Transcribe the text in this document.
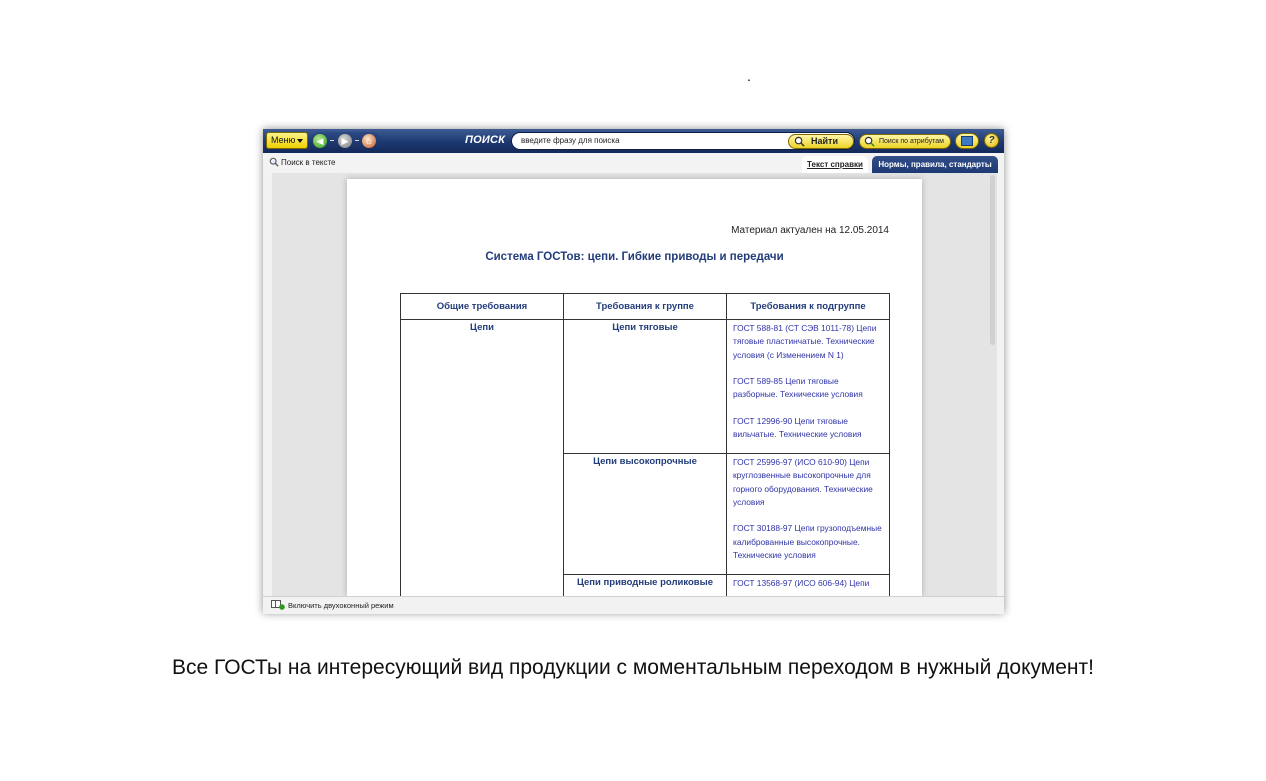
.
Меню	◀	▶	⌂	ПОИСК	введите фразу для поиска	Найти	Поиск по атрибутам	?
Поиск в тексте	Текст справки	Нормы, правила, стандарты
Материал актуален на 12.05.2014
Система ГОСТов: цепи. Гибкие приводы и передачи
Общие требования	Требования к группе	Требования к подгруппе
Цепи	Цепи тяговые	ГОСТ 588-81 (СТ СЭВ 1011-78) Цепи тяговые пластинчатые. Технические условия (с Изменением N 1)
ГОСТ 589-85 Цепи тяговые разборные. Технические условия
ГОСТ 12996-90 Цепи тяговые вильчатые. Технические условия

	Цепи высокопрочные	ГОСТ 25996-97 (ИСО 610-90) Цепи круглозвенные высокопрочные для горного оборудования. Технические условия
ГОСТ 30188-97 Цепи грузоподъемные калиброванные высокопрочные. Технические условия

	Цепи приводные роликовые	ГОСТ 13568-97 (ИСО 606-94) Цепи
Включить двухоконный режим
Все ГОСТы на интересующий вид продукции с моментальным переходом в нужный документ!
